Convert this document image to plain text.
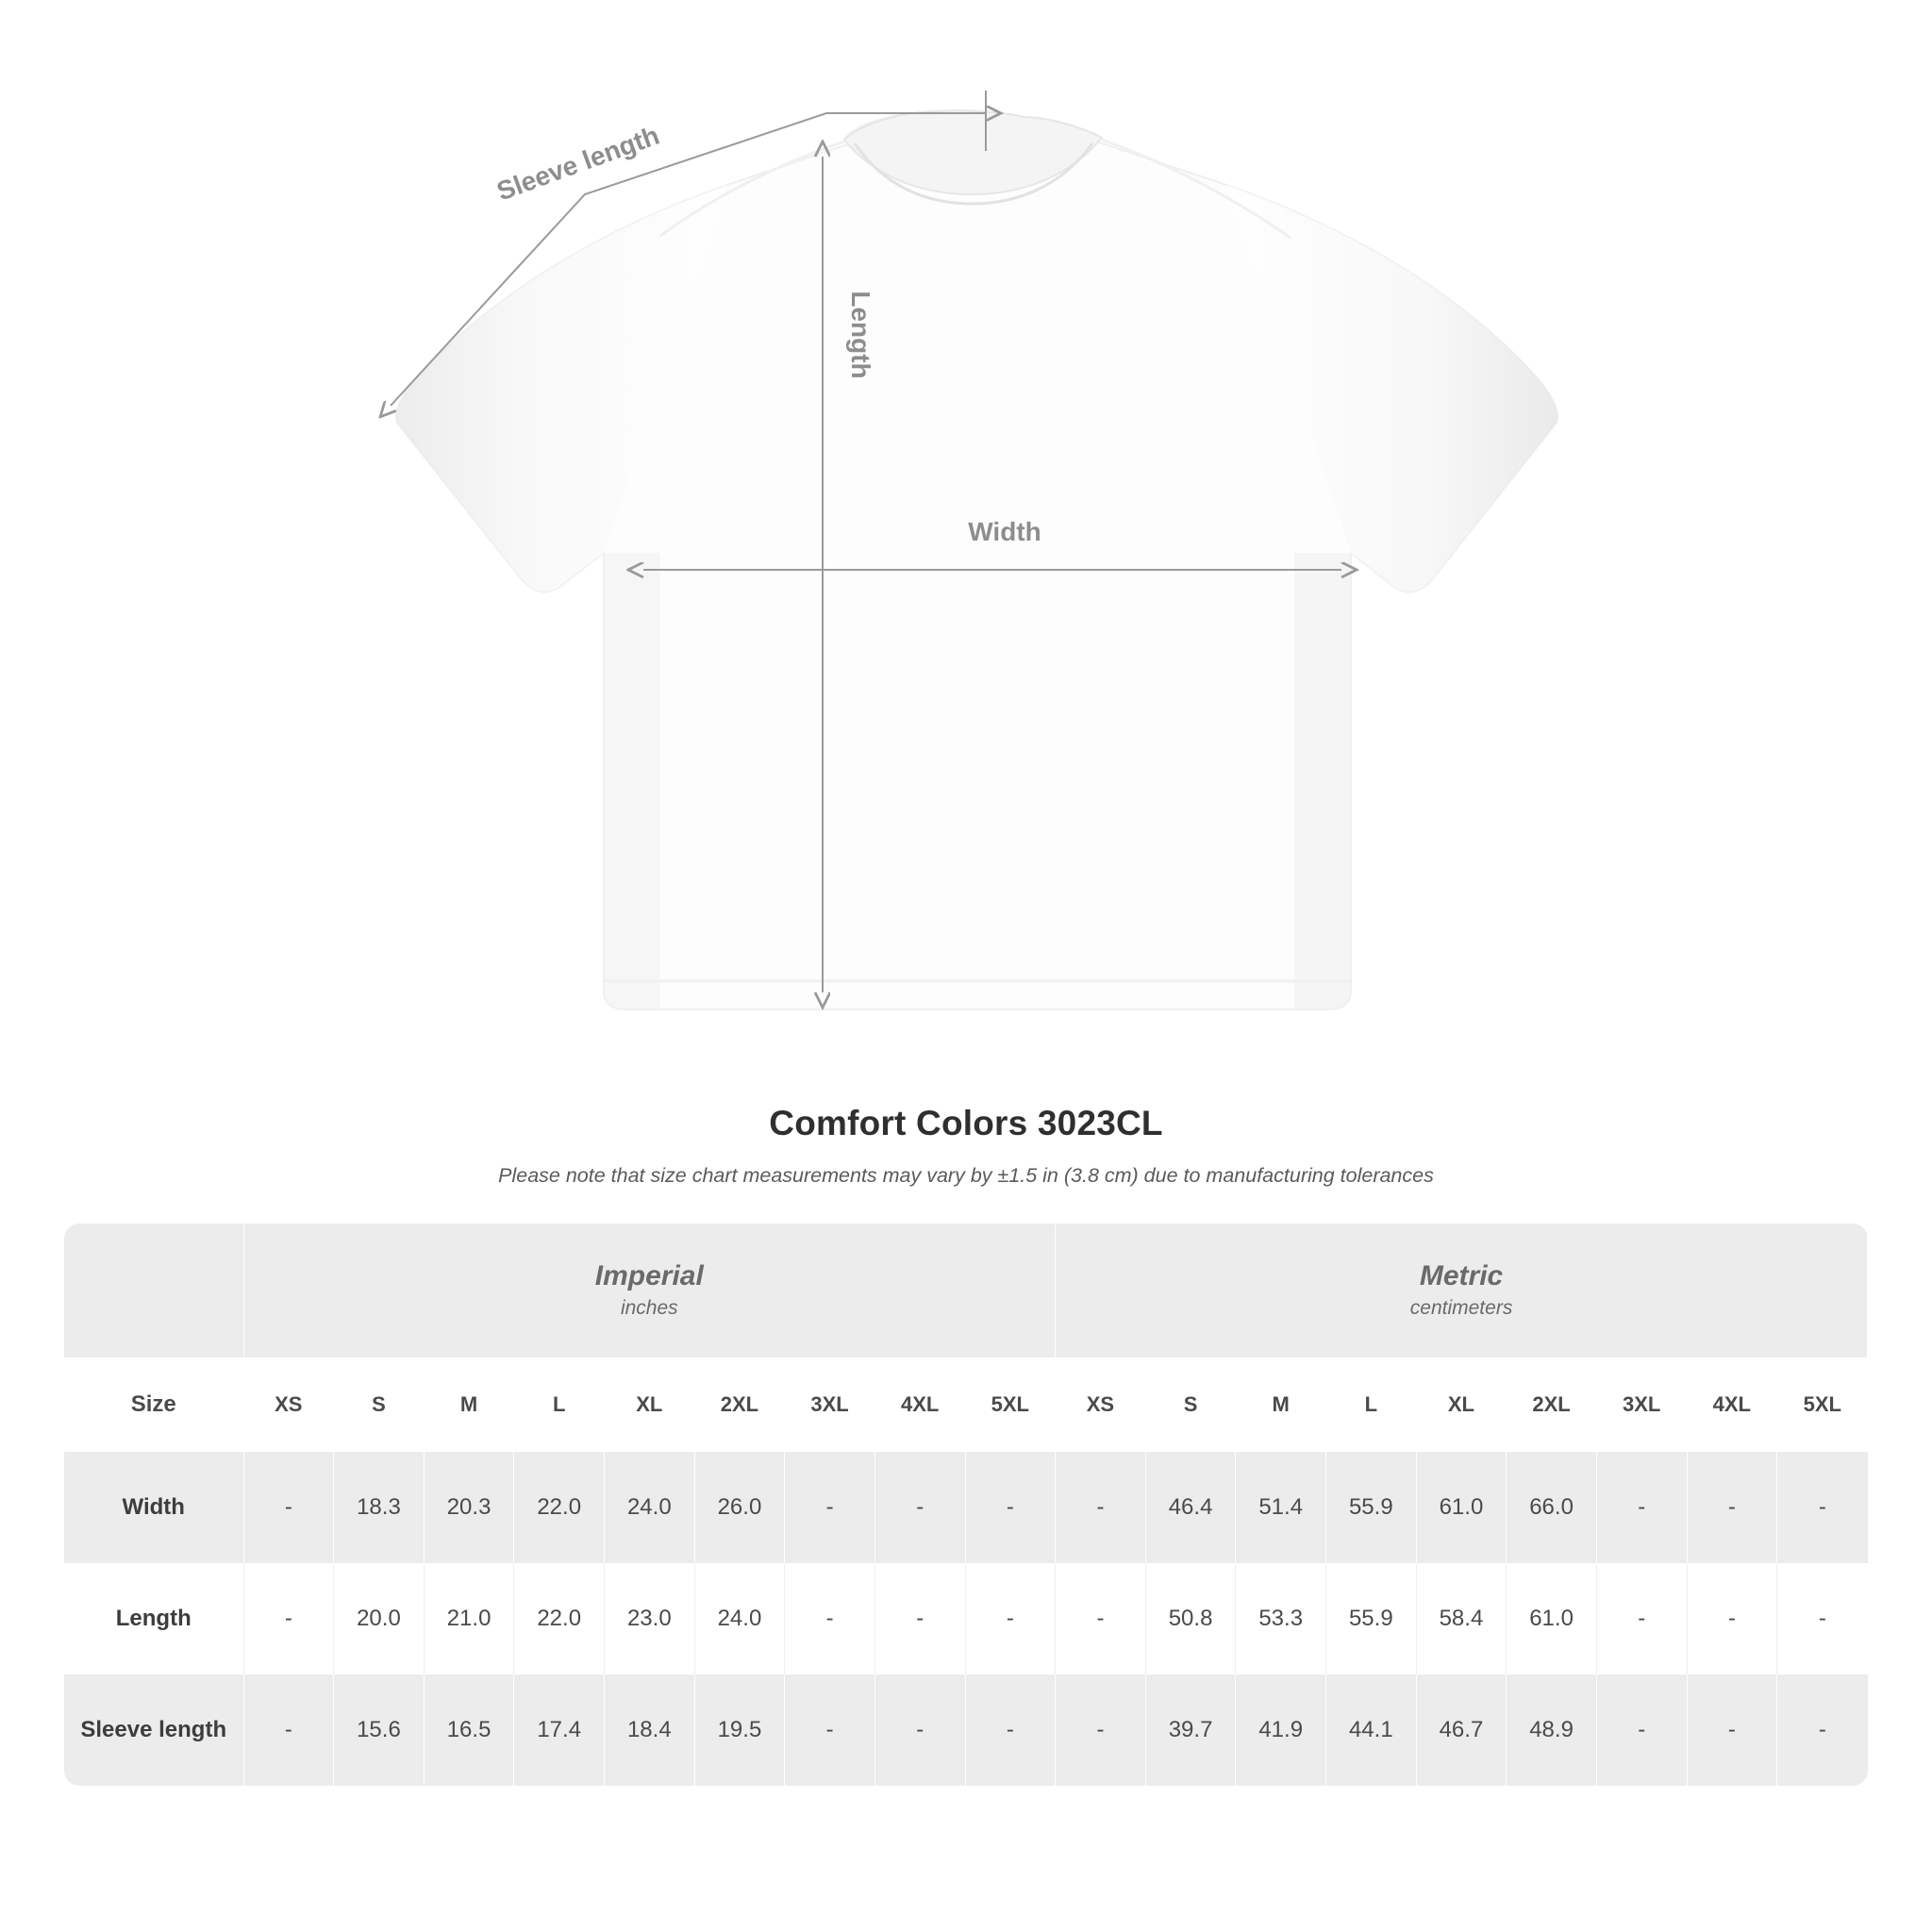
Sleeve length
Length
Width
Comfort Colors 3023CL
Please note that size chart measurements may vary by ±1.5 in (3.8 cm) due to manufacturing tolerances

Imperial
inches

Metric
centimeters

Size	XS	S	M	L	XL	2XL	3XL	4XL	5XL	XS	S	M	L	XL	2XL	3XL	4XL	5XL
Width	-	18.3	20.3	22.0	24.0	26.0	-	-	-	-	46.4	51.4	55.9	61.0	66.0	-	-	-
Length	-	20.0	21.0	22.0	23.0	24.0	-	-	-	-	50.8	53.3	55.9	58.4	61.0	-	-	-
Sleeve length	-	15.6	16.5	17.4	18.4	19.5	-	-	-	-	39.7	41.9	44.1	46.7	48.9	-	-	-
